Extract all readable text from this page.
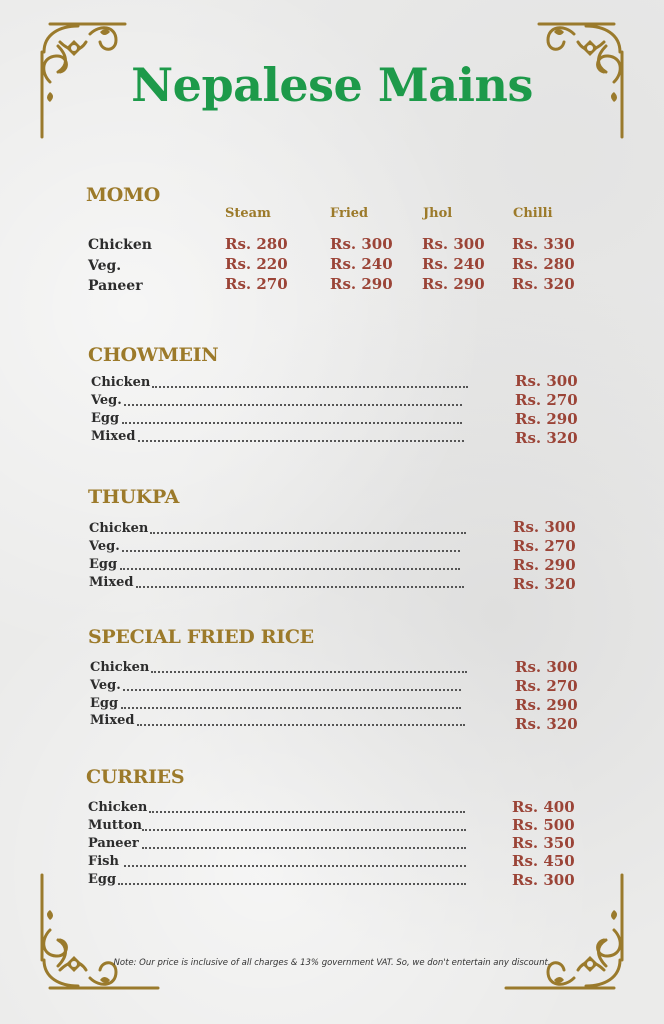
Nepalese Mains
MOMO
Steam	Fried	Jhol	Chilli
Chicken	Rs. 280	Rs. 300 Rs. 300 Rs. 330
Veg.	Rs. 220	Rs. 240 Rs. 240 Rs. 280
Paneer	Rs. 270	Rs. 290 Rs. 290 Rs. 320
CHOWMEIN
Chicken	Rs. 300
Veg.	Rs. 270
Egg	Rs. 290
Mixed	Rs. 320
THUKPA
Chicken	Rs. 300
Veg.	Rs. 270
Egg	Rs. 290
Mixed	Rs. 320
SPECIAL FRIED RICE
Chicken	Rs. 300
Veg.	Rs. 270
Egg	Rs. 290
Mixed	Rs. 320
CURRIES
Chicken	Rs. 400
Mutton	Rs. 500
Paneer	Rs. 350
Fish	Rs. 450
Egg	Rs. 300
Note: Our price is inclusive of all charges & 13% government VAT. So, we don't entertain any discount.
